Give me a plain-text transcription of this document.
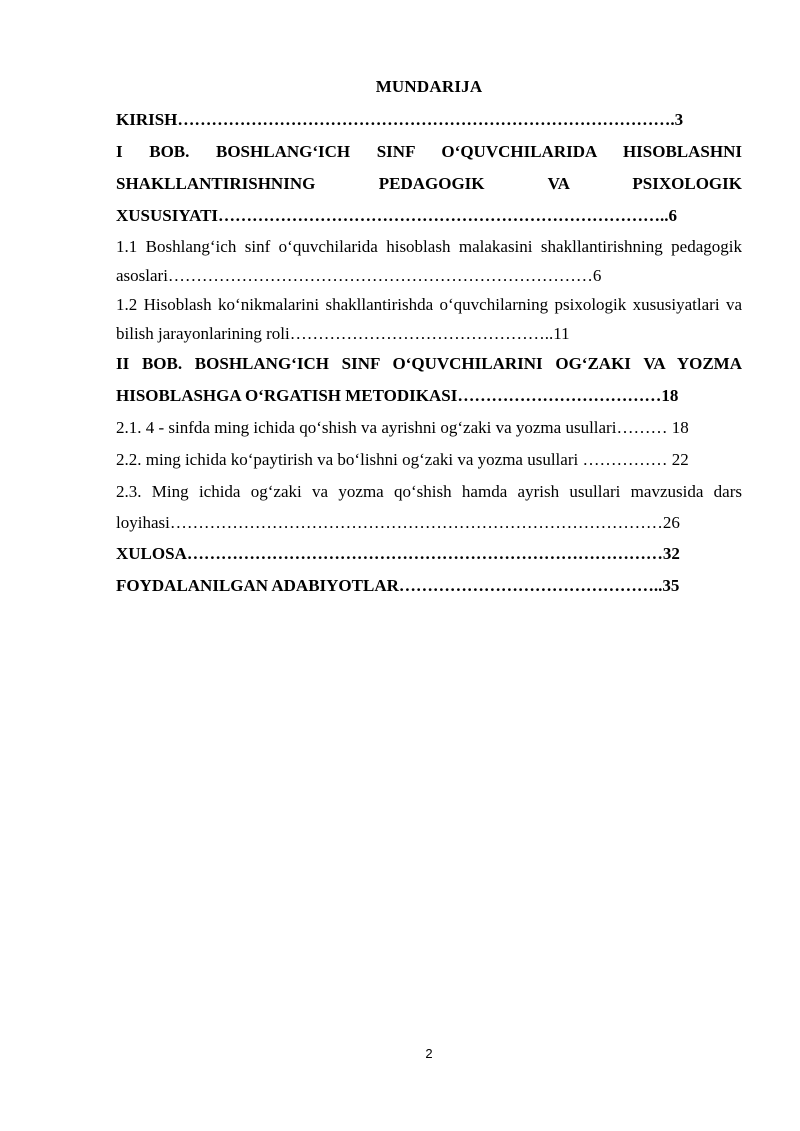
MUNDARIJA
KIRISH…………………………………………………………………………….3
I BOB. BOSHLANG‘ICH SINF O‘QUVCHILARIDA HISOBLASHNI SHAKLLANTIRISHNING PEDAGOGIK VA PSIXOLOGIK XUSUSIYATI……………………………………………………………………..6
1.1 Boshlang‘ich sinf o‘quvchilarida hisoblash malakasini shakllantirishning pedagogik asoslari…………………………………………………………………6
1.2 Hisoblash ko‘nikmalarini shakllantirishda o‘quvchilarning psixologik xususiyatlari va bilish jarayonlarining roli………………………………………..11
II BOB. BOSHLANG‘ICH SINF O‘QUVCHILARINI OG‘ZAKI VA YOZMA HISOBLASHGA O‘RGATISH METODIKASI………………………………18
2.1. 4 - sinfda ming ichida qo‘shish va ayrishni og‘zaki va yozma usullari……… 18
2.2. ming ichida ko‘paytirish va bo‘lishni og‘zaki va yozma usullari …………… 22
2.3. Ming ichida og‘zaki va yozma qo‘shish hamda ayrish usullari mavzusida dars loyihasi……………………………………………………………………………26
XULOSA…………………………………………………………………………32
FOYDALANILGAN ADABIYOTLAR………………………………………..35
2
